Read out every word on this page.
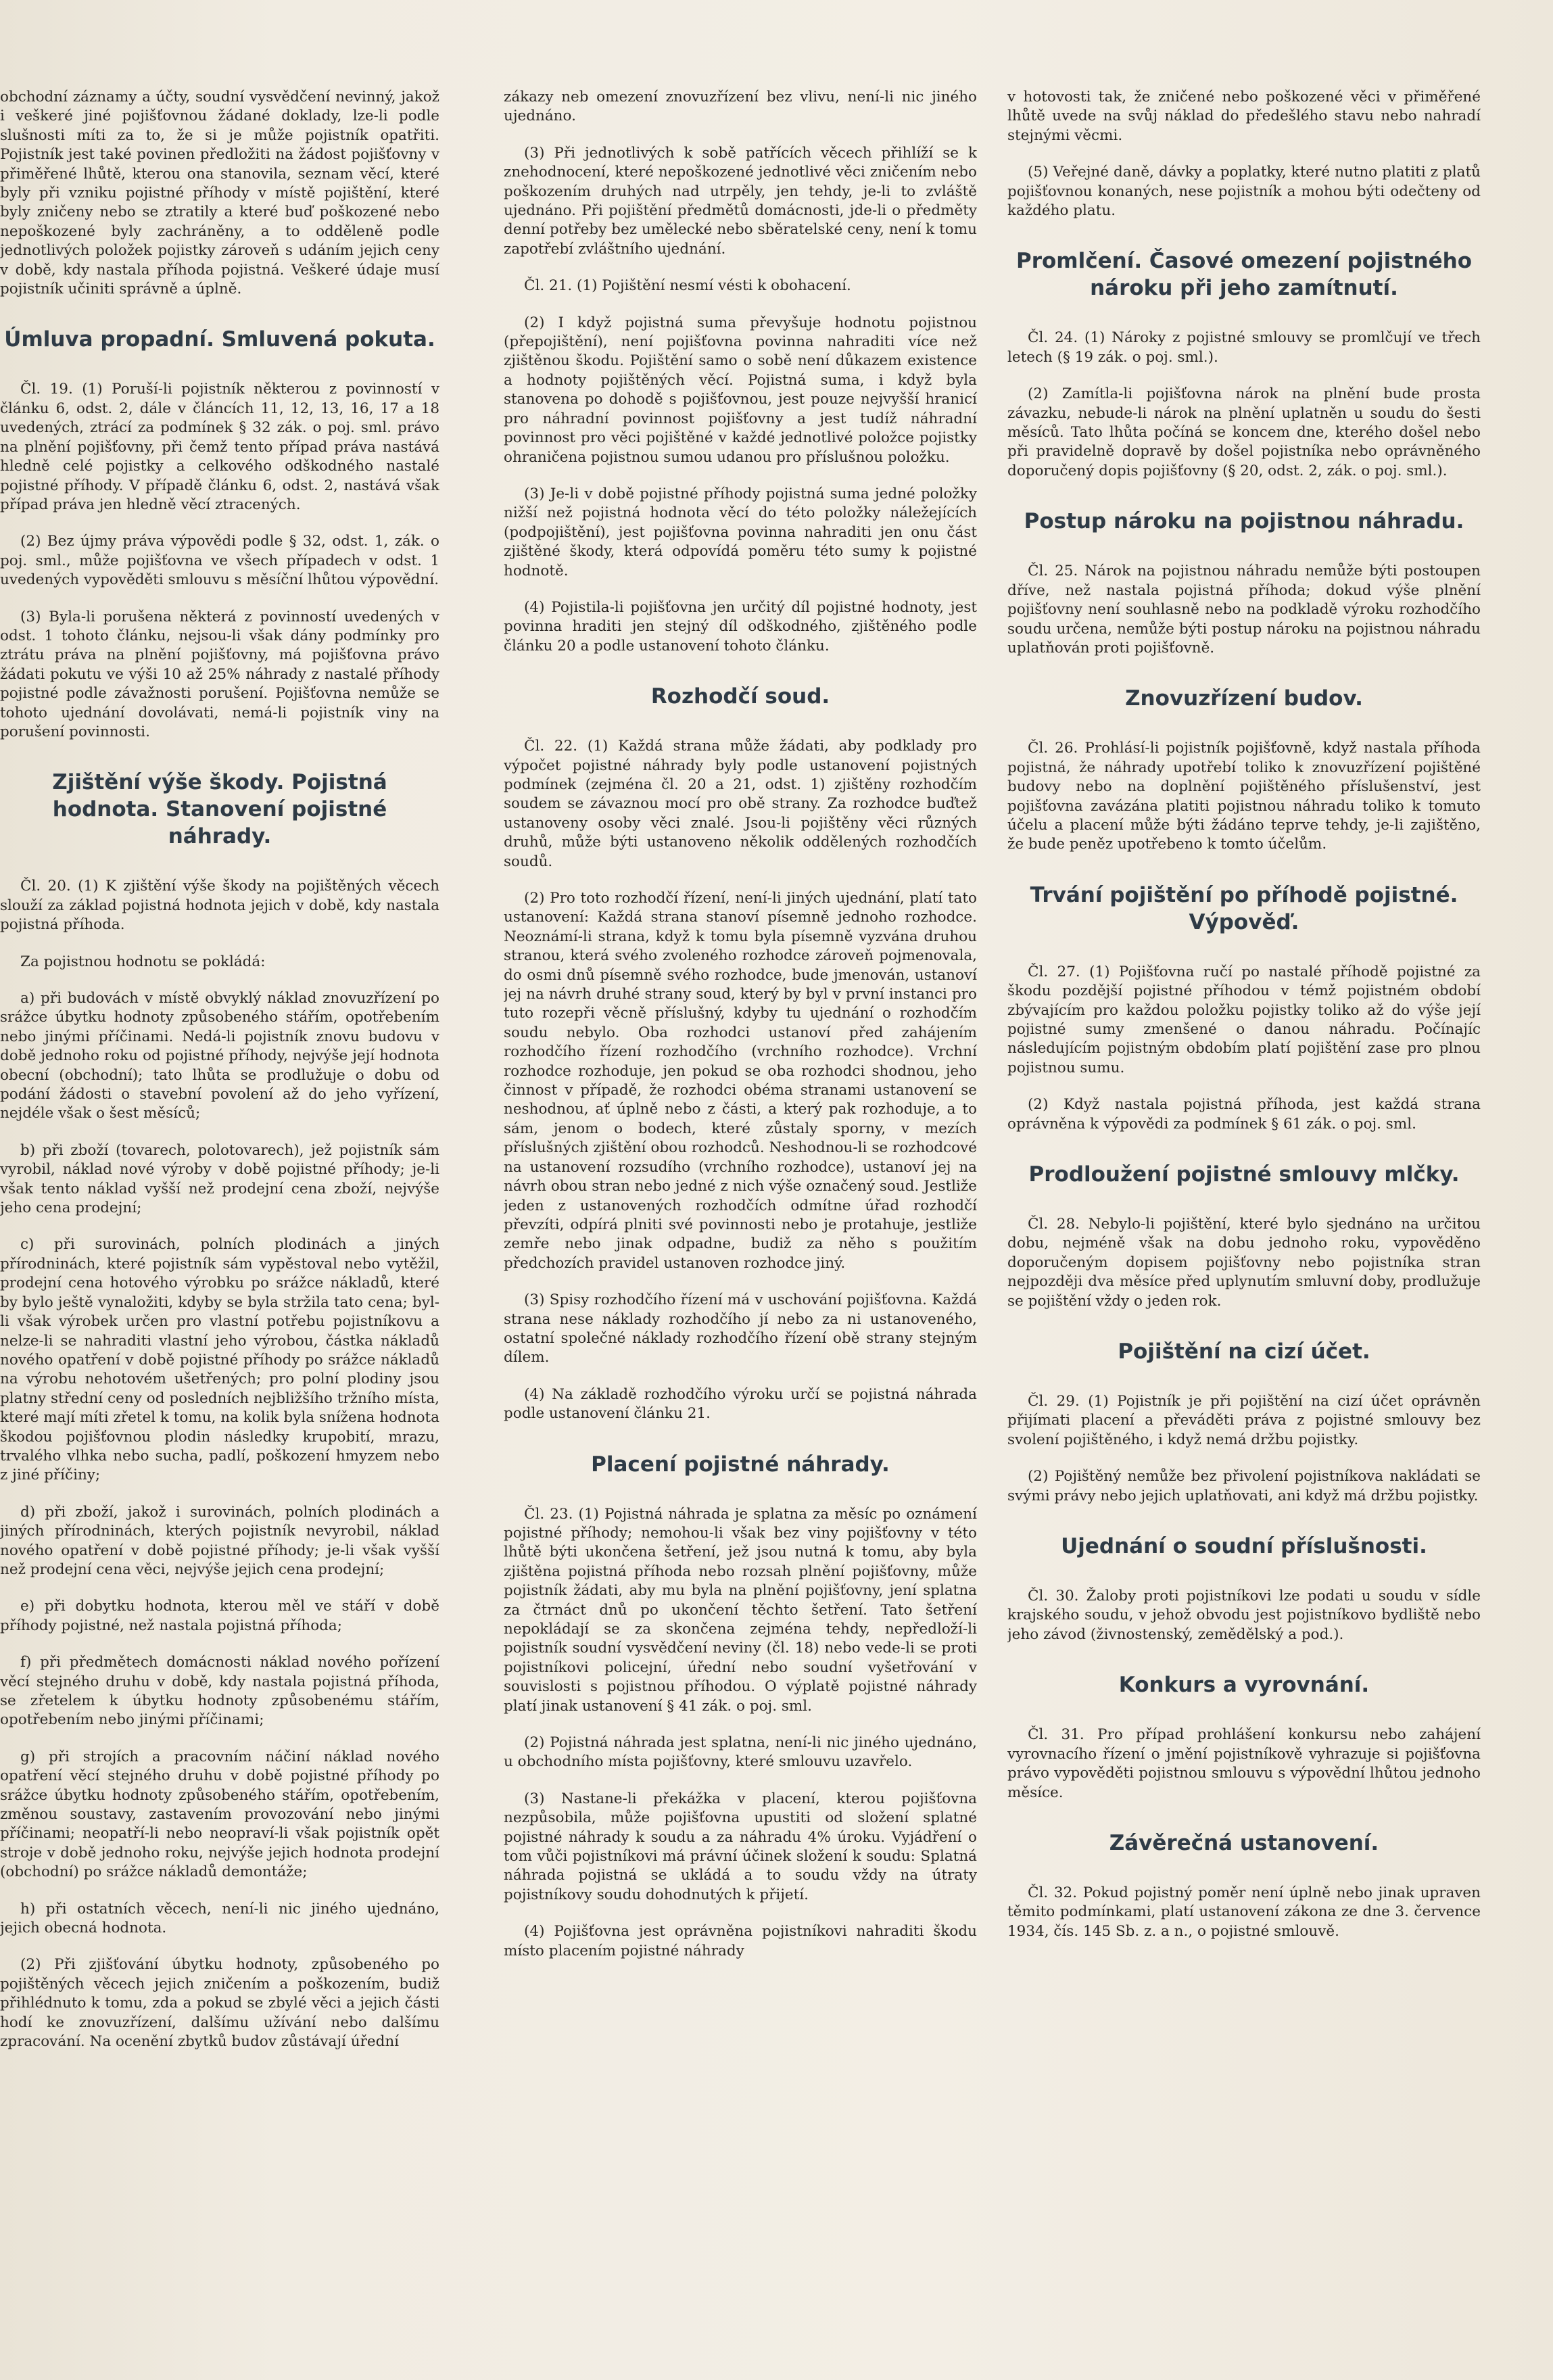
obchodní záznamy a účty, soudní vysvědčení nevinný, jakož i veškeré jiné pojišťovnou žádané doklady, lze-li podle slušnosti míti za to, že si je může pojistník opatřiti. Pojistník jest také povinen předložiti na žádost pojišťovny v přiměřené lhůtě, kterou ona stanovila, seznam věcí, které byly při vzniku pojistné příhody v místě pojištění, které byly zničeny nebo se ztratily a které buď poškozené nebo nepoškozené byly zachráněny, a to odděleně podle jednotlivých položek pojistky zároveň s udáním jejich ceny v době, kdy nastala příhoda pojistná. Veškeré údaje musí pojistník učiniti správně a úplně.

Úmluva propadní. Smluvená pokuta.

Čl. 19. (1) Poruší-li pojistník některou z povinností v článku 6, odst. 2, dále v článcích 11, 12, 13, 16, 17 a 18 uvedených, ztrácí za podmínek § 32 zák. o poj. sml. právo na plnění pojišťovny, při čemž tento případ práva nastává hledně celé pojistky a celkového odškodného nastalé pojistné příhody. V případě článku 6, odst. 2, nastává však případ práva jen hledně věcí ztracených.

(2) Bez újmy práva výpovědi podle § 32, odst. 1, zák. o poj. sml., může pojišťovna ve všech případech v odst. 1 uvedených vypověděti smlouvu s měsíční lhůtou výpovědní.

(3) Byla-li porušena některá z povinností uvedených v odst. 1 tohoto článku, nejsou-li však dány podmínky pro ztrátu práva na plnění pojišťovny, má pojišťovna právo žádati pokutu ve výši 10 až 25% náhrady z nastalé příhody pojistné podle závažnosti porušení. Pojišťovna nemůže se tohoto ujednání dovolávati, nemá-li pojistník viny na porušení povinnosti.

Zjištění výše škody. Pojistná hodnota. Stanovení pojistné náhrady.

Čl. 20. (1) K zjištění výše škody na pojištěných věcech slouží za základ pojistná hodnota jejich v době, kdy nastala pojistná příhoda.

Za pojistnou hodnotu se pokládá:

a) při budovách v místě obvyklý náklad znovuzřízení po srážce úbytku hodnoty způsobeného stářím, opotřebením nebo jinými příčinami. Nedá-li pojistník znovu budovu v době jednoho roku od pojistné příhody, nejvýše její hodnota obecní (obchodní); tato lhůta se prodlužuje o dobu od podání žádosti o stavební povolení až do jeho vyřízení, nejdéle však o šest měsíců;

b) při zboží (tovarech, polotovarech), jež pojistník sám vyrobil, náklad nové výroby v době pojistné příhody; je-li však tento náklad vyšší než prodejní cena zboží, nejvýše jeho cena prodejní;

c) při surovinách, polních plodinách a jiných přírodninách, které pojistník sám vypěstoval nebo vytěžil, prodejní cena hotového výrobku po srážce nákladů, které by bylo ještě vynaložiti, kdyby se byla stržila tato cena; byl-li však výrobek určen pro vlastní potřebu pojistníkovu a nelze-li se nahraditi vlastní jeho výrobou, částka nákladů nového opatření v době pojistné příhody po srážce nákladů na výrobu nehotovém ušetřených; pro polní plodiny jsou platny střední ceny od posledních nejbližšího tržního místa, které mají míti zřetel k tomu, na kolik byla snížena hodnota škodou pojišťovnou plodin následky krupobití, mrazu, trvalého vlhka nebo sucha, padlí, poškození hmyzem nebo z jiné příčiny;

d) při zboží, jakož i surovinách, polních plodinách a jiných přírodninách, kterých pojistník nevyrobil, náklad nového opatření v době pojistné příhody; je-li však vyšší než prodejní cena věci, nejvýše jejich cena prodejní;

e) při dobytku hodnota, kterou měl ve stáří v době příhody pojistné, než nastala pojistná příhoda;

f) při předmětech domácnosti náklad nového pořízení věcí stejného druhu v době, kdy nastala pojistná příhoda, se zřetelem k úbytku hodnoty způsobenému stářím, opotřebením nebo jinými příčinami;

g) při strojích a pracovním náčiní náklad nového opatření věcí stejného druhu v době pojistné příhody po srážce úbytku hodnoty způsobeného stářím, opotřebením, změnou soustavy, zastavením provozování nebo jinými příčinami; neopatří-li nebo neopraví-li však pojistník opět stroje v době jednoho roku, nejvýše jejich hodnota prodejní (obchodní) po srážce nákladů demontáže;

h) při ostatních věcech, není-li nic jiného ujednáno, jejich obecná hodnota.

(2) Při zjišťování úbytku hodnoty, způsobeného po pojištěných věcech jejich zničením a poškozením, budiž přihlédnuto k tomu, zda a pokud se zbylé věci a jejich části hodí ke znovuzřízení, dalšímu užívání nebo dalšímu zpracování. Na ocenění zbytků budov zůstávají úřední

zákazy neb omezení znovuzřízení bez vlivu, není-li nic jiného ujednáno.

(3) Při jednotlivých k sobě patřících věcech přihlíží se k znehodnocení, které nepoškozené jednotlivé věci zničením nebo poškozením druhých nad utrpěly, jen tehdy, je-li to zvláště ujednáno. Při pojištění předmětů domácnosti, jde-li o předměty denní potřeby bez umělecké nebo sběratelské ceny, není k tomu zapotřebí zvláštního ujednání.

Čl. 21. (1) Pojištění nesmí vésti k obohacení.

(2) I když pojistná suma převyšuje hodnotu pojistnou (přepojištění), není pojišťovna povinna nahraditi více než zjištěnou škodu. Pojištění samo o sobě není důkazem existence a hodnoty pojištěných věcí. Pojistná suma, i když byla stanovena po dohodě s pojišťovnou, jest pouze nejvyšší hranicí pro náhradní povinnost pojišťovny a jest tudíž náhradní povinnost pro věci pojištěné v každé jednotlivé položce pojistky ohraničena pojistnou sumou udanou pro příslušnou položku.

(3) Je-li v době pojistné příhody pojistná suma jedné položky nižší než pojistná hodnota věcí do této položky náležejících (podpojištění), jest pojišťovna povinna nahraditi jen onu část zjištěné škody, která odpovídá poměru této sumy k pojistné hodnotě.

(4) Pojistila-li pojišťovna jen určitý díl pojistné hodnoty, jest povinna hraditi jen stejný díl odškodného, zjištěného podle článku 20 a podle ustanovení tohoto článku.

Rozhodčí soud.

Čl. 22. (1) Každá strana může žádati, aby podklady pro výpočet pojistné náhrady byly podle ustanovení pojistných podmínek (zejména čl. 20 a 21, odst. 1) zjištěny rozhodčím soudem se závaznou mocí pro obě strany. Za rozhodce buďtež ustanoveny osoby věci znalé. Jsou-li pojištěny věci různých druhů, může býti ustanoveno několik oddělených rozhodčích soudů.

(2) Pro toto rozhodčí řízení, není-li jiných ujednání, platí tato ustanovení: Každá strana stanoví písemně jednoho rozhodce. Neoznámí-li strana, když k tomu byla písemně vyzvána druhou stranou, která svého zvoleného rozhodce zároveň pojmenovala, do osmi dnů písemně svého rozhodce, bude jmenován, ustanoví jej na návrh druhé strany soud, který by byl v první instanci pro tuto rozepři věcně příslušný, kdyby tu ujednání o rozhodčím soudu nebylo. Oba rozhodci ustanoví před zahájením rozhodčího řízení rozhodčího (vrchního rozhodce). Vrchní rozhodce rozhoduje, jen pokud se oba rozhodci shodnou, jeho činnost v případě, že rozhodci obéma stranami ustanovení se neshodnou, ať úplně nebo z části, a který pak rozhoduje, a to sám, jenom o bodech, které zůstaly sporny, v mezích příslušných zjištění obou rozhodců. Neshodnou-li se rozhodcové na ustanovení rozsudího (vrchního rozhodce), ustanoví jej na návrh obou stran nebo jedné z nich výše označený soud. Jestliže jeden z ustanovených rozhodčích odmítne úřad rozhodčí převzíti, odpírá plniti své povinnosti nebo je protahuje, jestliže zemře nebo jinak odpadne, budiž za něho s použitím předchozích pravidel ustanoven rozhodce jiný.

(3) Spisy rozhodčího řízení má v uschování pojišťovna. Každá strana nese náklady rozhodčího jí nebo za ni ustanoveného, ostatní společné náklady rozhodčího řízení obě strany stejným dílem.

(4) Na základě rozhodčího výroku určí se pojistná náhrada podle ustanovení článku 21.

Placení pojistné náhrady.

Čl. 23. (1) Pojistná náhrada je splatna za měsíc po oznámení pojistné příhody; nemohou-li však bez viny pojišťovny v této lhůtě býti ukončena šetření, jež jsou nutná k tomu, aby byla zjištěna pojistná příhoda nebo rozsah plnění pojišťovny, může pojistník žádati, aby mu byla na plnění pojišťovny, jení splatna za čtrnáct dnů po ukončení těchto šetření. Tato šetření nepokládají se za skončena zejména tehdy, nepředloží-li pojistník soudní vysvědčení neviny (čl. 18) nebo vede-li se proti pojistníkovi policejní, úřední nebo soudní vyšetřování v souvislosti s pojistnou příhodou. O výplatě pojistné náhrady platí jinak ustanovení § 41 zák. o poj. sml.

(2) Pojistná náhrada jest splatna, není-li nic jiného ujednáno, u obchodního místa pojišťovny, které smlouvu uzavřelo.

(3) Nastane-li překážka v placení, kterou pojišťovna nezpůsobila, může pojišťovna upustiti od složení splatné pojistné náhrady k soudu a za náhradu 4% úroku. Vyjádření o tom vůči pojistníkovi má právní účinek složení k soudu: Splatná náhrada pojistná se ukládá a to soudu vždy na útraty pojistníkovy soudu dohodnutých k přijetí.

(4) Pojišťovna jest oprávněna pojistníkovi nahraditi škodu místo placením pojistné náhrady

v hotovosti tak, že zničené nebo poškozené věci v přiměřené lhůtě uvede na svůj náklad do předešlého stavu nebo nahradí stejnými věcmi.

(5) Veřejné daně, dávky a poplatky, které nutno platiti z platů pojišťovnou konaných, nese pojistník a mohou býti odečteny od každého platu.

Promlčení. Časové omezení pojistného nároku při jeho zamítnutí.

Čl. 24. (1) Nároky z pojistné smlouvy se promlčují ve třech letech (§ 19 zák. o poj. sml.).

(2) Zamítla-li pojišťovna nárok na plnění bude prosta závazku, nebude-li nárok na plnění uplatněn u soudu do šesti měsíců. Tato lhůta počíná se koncem dne, kterého došel nebo při pravidelně dopravě by došel pojistníka nebo oprávněného doporučený dopis pojišťovny (§ 20, odst. 2, zák. o poj. sml.).

Postup nároku na pojistnou náhradu.

Čl. 25. Nárok na pojistnou náhradu nemůže býti postoupen dříve, než nastala pojistná příhoda; dokud výše plnění pojišťovny není souhlasně nebo na podkladě výroku rozhodčího soudu určena, nemůže býti postup nároku na pojistnou náhradu uplatňován proti pojišťovně.

Znovuzřízení budov.

Čl. 26. Prohlásí-li pojistník pojišťovně, když nastala příhoda pojistná, že náhrady upotřebí toliko k znovuzřízení pojištěné budovy nebo na doplnění pojištěného příslušenství, jest pojišťovna zavázána platiti pojistnou náhradu toliko k tomuto účelu a placení může býti žádáno teprve tehdy, je-li zajištěno, že bude peněz upotřebeno k tomto účelům.

Trvání pojištění po příhodě pojistné. Výpověď.

Čl. 27. (1) Pojišťovna ručí po nastalé příhodě pojistné za škodu pozdější pojistné příhodou v témž pojistném období zbývajícím pro každou položku pojistky toliko až do výše její pojistné sumy zmenšené o danou náhradu. Počínajíc následujícím pojistným obdobím platí pojištění zase pro plnou pojistnou sumu.

(2) Když nastala pojistná příhoda, jest každá strana oprávněna k výpovědi za podmínek § 61 zák. o poj. sml.

Prodloužení pojistné smlouvy mlčky.

Čl. 28. Nebylo-li pojištění, které bylo sjednáno na určitou dobu, nejméně však na dobu jednoho roku, vypověděno doporučeným dopisem pojišťovny nebo pojistníka stran nejpozději dva měsíce před uplynutím smluvní doby, prodlužuje se pojištění vždy o jeden rok.

Pojištění na cizí účet.

Čl. 29. (1) Pojistník je při pojištění na cizí účet oprávněn přijímati placení a převáděti práva z pojistné smlouvy bez svolení pojištěného, i když nemá držbu pojistky.

(2) Pojištěný nemůže bez přivolení pojistníkova nakládati se svými právy nebo jejich uplatňovati, ani když má držbu pojistky.

Ujednání o soudní příslušnosti.

Čl. 30. Žaloby proti pojistníkovi lze podati u soudu v sídle krajského soudu, v jehož obvodu jest pojistníkovo bydliště nebo jeho závod (živnostenský, zemědělský a pod.).

Konkurs a vyrovnání.

Čl. 31. Pro případ prohlášení konkursu nebo zahájení vyrovnacího řízení o jmění pojistníkově vyhrazuje si pojišťovna právo vypověděti pojistnou smlouvu s výpovědní lhůtou jednoho měsíce.

Závěrečná ustanovení.

Čl. 32. Pokud pojistný poměr není úplně nebo jinak upraven těmito podmínkami, platí ustanovení zákona ze dne 3. července 1934, čís. 145 Sb. z. a n., o pojistné smlouvě.
